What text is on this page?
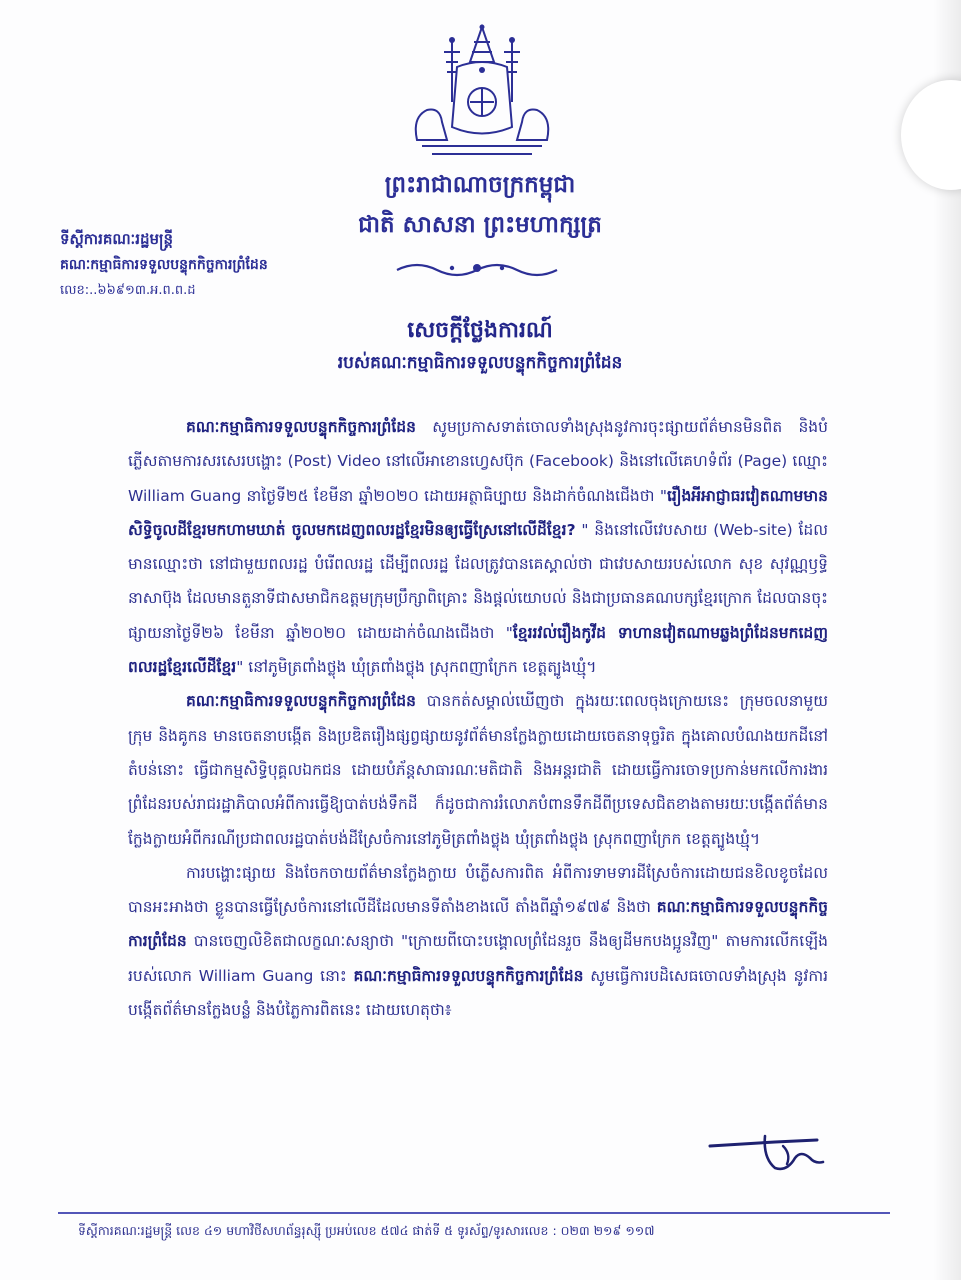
ព្រះរាជាណាចក្រកម្ពុជា
ជាតិ សាសនា ព្រះមហាក្សត្រ
ទីស្ដីការគណៈរដ្ឋមន្ត្រី
គណៈកម្មាធិការទទួលបន្ទុកកិច្ចការព្រំដែន
លេខ:..៦៦៩១៣.អ.ព.ព.ដ
សេចក្ដីថ្លែងការណ៍
របស់គណៈកម្មាធិការទទួលបន្ទុកកិច្ចការព្រំដែន

គណៈកម្មាធិការទទួលបន្ទុកកិច្ចការព្រំដែន សូមប្រកាសទាត់ចោលទាំងស្រុងនូវការចុះផ្សាយព័ត៌មានមិនពិត និងបំភ្លើសតាមការសរសេរបង្ហោះ (Post) Video នៅលើអាខោនហ្វេសប៊ុក (Facebook) និងនៅលើគេហទំព័រ (Page) ឈ្មោះ William Guang នាថ្ងៃទី២៥ ខែមីនា ឆ្នាំ២០២០ ដោយអត្ថាធិប្បាយ និងដាក់ចំណងជើងថា "រឿងអីអាជ្ញាធរវៀតណាមមានសិទ្ធិចូលដីខ្មែរមកហាមឃាត់ ចូលមកដេញពលរដ្ឋខ្មែរមិនឲ្យធ្វើស្រែនៅលើដីខ្មែរ? " និងនៅលើវេបសាយ (Web-site) ដែលមានឈ្មោះថា នៅជាមួយពលរដ្ឋ បំរើពលរដ្ឋ ដើម្បីពលរដ្ឋ ដែលត្រូវបានគេស្គាល់ថា ជាវេបសាយរបស់លោក សុខ សុវណ្ណឫទ្ធិនាសាប៊ុង ដែលមានតួនាទីជាសមាជិកឧត្ដមក្រុមប្រឹក្សាពិគ្រោះ និងផ្ដល់យោបល់ និងជាប្រធានគណបក្សខ្មែរក្រោក ដែលបានចុះផ្សាយនាថ្ងៃទី២៦ ខែមីនា ឆ្នាំ២០២០ ដោយដាក់ចំណងជើងថា "ខ្មែររវល់រឿងកូវីដ ទាហានវៀតណាមឆ្លងព្រំដែនមកដេញពលរដ្ឋខ្មែរលើដីខ្មែរ" នៅភូមិត្រពាំងថ្លុង ឃុំត្រពាំងថ្លុង ស្រុកពញាក្រែក ខេត្តត្បូងឃ្មុំ។

គណៈកម្មាធិការទទួលបន្ទុកកិច្ចការព្រំដែន បានកត់សម្គាល់ឃើញថា ក្នុងរយៈពេលចុងក្រោយនេះ ក្រុមចលនាមួយក្រុម និងគូកន មានចេតនាបង្កើត និងប្រឌិតរឿងផ្សព្វផ្សាយនូវព័ត៌មានក្លែងក្លាយដោយចេតនាទុច្ចរិត ក្នុងគោលបំណងយកដីនៅតំបន់នោះ ធ្វើជាកម្មសិទ្ធិបុគ្គលឯកជន ដោយបំភ័ន្តសាធារណៈមតិជាតិ និងអន្តរជាតិ ដោយធ្វើការចោទប្រកាន់មកលើការងារព្រំដែនរបស់រាជរដ្ឋាភិបាលអំពីការធ្វើឱ្យបាត់បង់ទឹកដី ក៏ដូចជាការរំលោភបំពានទឹកដីពីប្រទេសជិតខាងតាមរយៈបង្កើតព័ត៌មានក្លែងក្លាយអំពីករណីប្រជាពលរដ្ឋបាត់បង់ដីស្រែចំការនៅភូមិត្រពាំងថ្លុង ឃុំត្រពាំងថ្លុង ស្រុកពញាក្រែក ខេត្តត្បូងឃ្មុំ។

ការបង្ហោះផ្សាយ និងចែកចាយព័ត៌មានក្លែងក្លាយ បំភ្លើសការពិត អំពីការទាមទារដីស្រែចំការដោយជនខិលខូចដែលបានអះអាងថា ខ្លួនបានធ្វើស្រែចំការនៅលើដីដែលមានទីតាំងខាងលើ តាំងពីឆ្នាំ១៩៧៩ និងថា គណៈកម្មាធិការទទួលបន្ទុកកិច្ចការព្រំដែន បានចេញលិខិតជាលក្ខណៈសន្យាថា "ក្រោយពីបោះបង្គោលព្រំដែនរួច នឹងឲ្យដីមកបងប្អូនវិញ" តាមការលើកឡើងរបស់លោក William Guang នោះ គណៈកម្មាធិការទទួលបន្ទុកកិច្ចការព្រំដែន សូមធ្វើការបដិសេធចោលទាំងស្រុង នូវការបង្កើតព័ត៌មានក្លែងបន្លំ និងបំភ្លៃការពិតនេះ ដោយហេតុថា៖

ទីស្ដីការគណៈរដ្ឋមន្ត្រី លេខ ៤១ មហាវិថីសហព័ន្ធរុស្ស៊ី ប្រអប់លេខ ៥៧៤ ផាត់ទី ៥ ទូរស័ព្ទ/ទូរសារលេខ : ០២៣ ២១៩ ១១៧
